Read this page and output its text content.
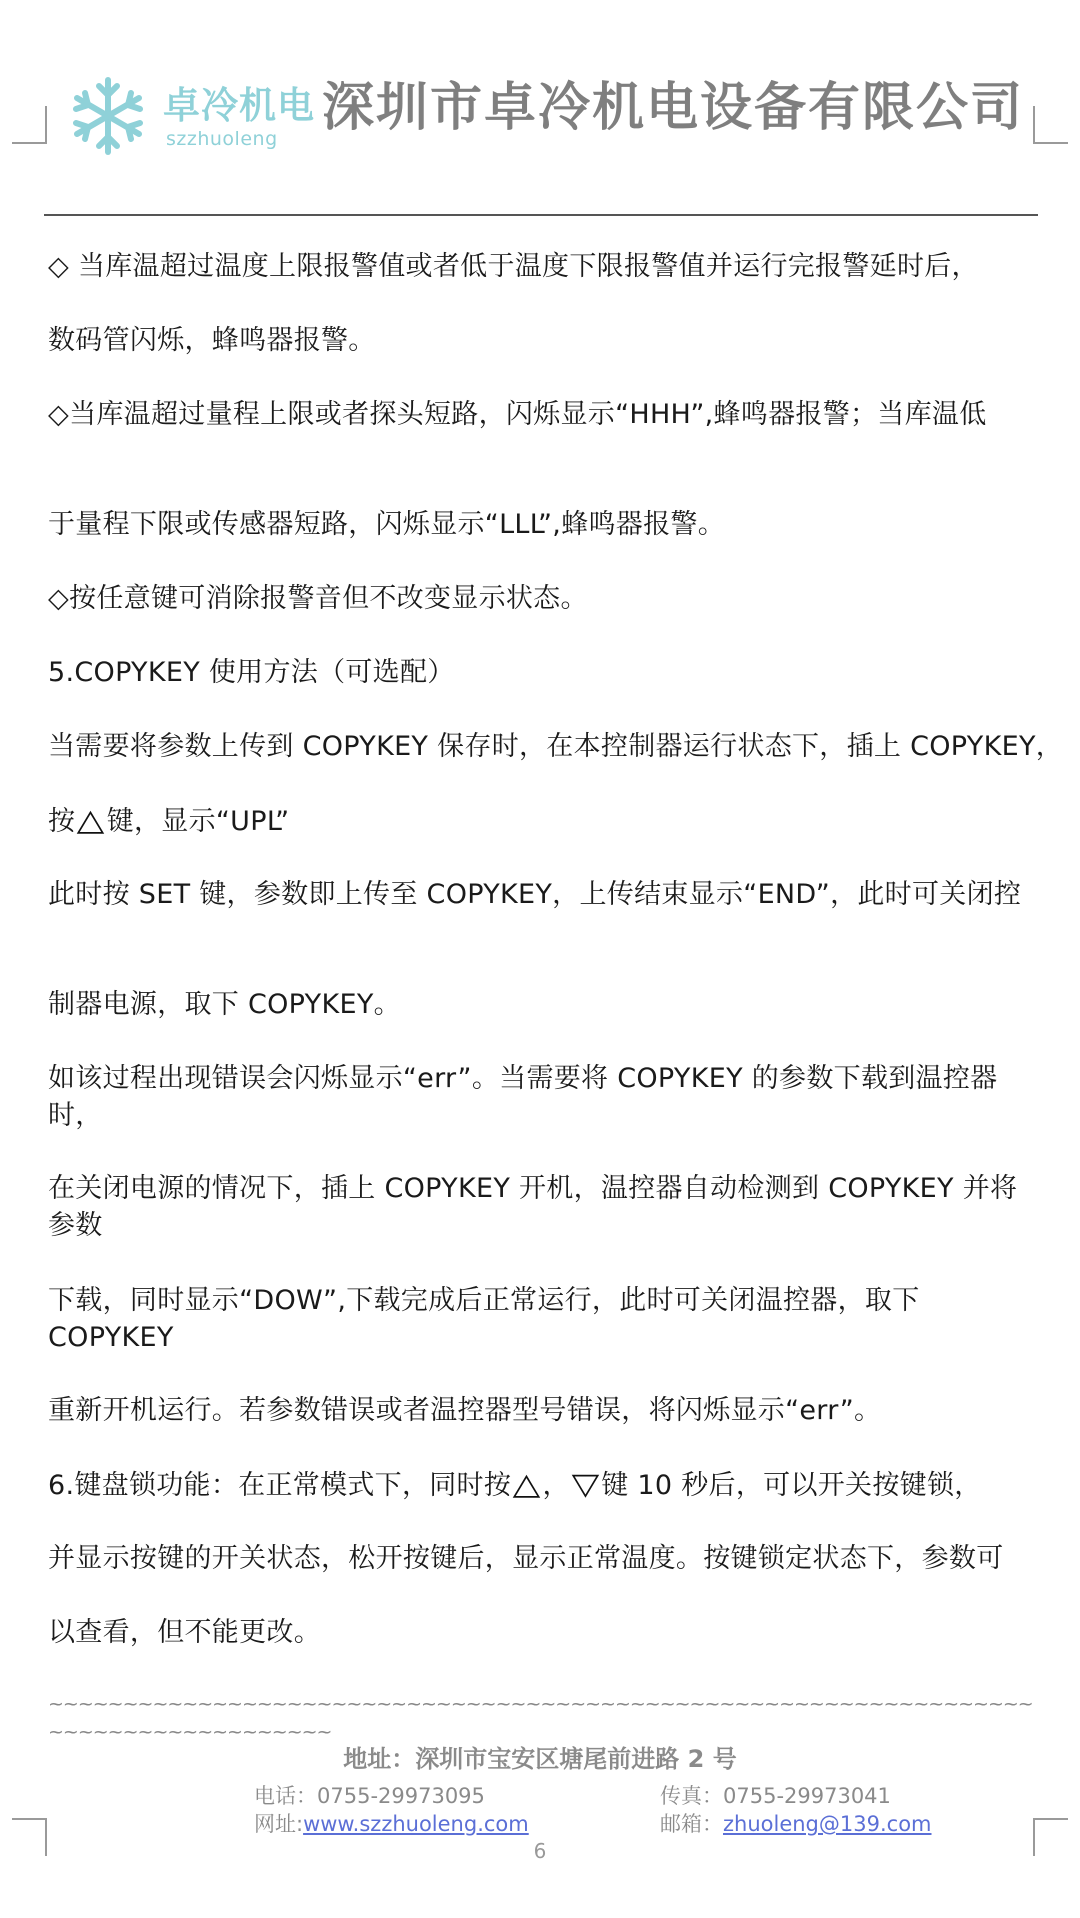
卓冷机电
szzhuoleng
深圳市卓冷机电设备有限公司

◇ 当库温超过温度上限报警值或者低于温度下限报警值并运行完报警延时后，

数码管闪烁，蜂鸣器报警。

◇当库温超过量程上限或者探头短路，闪烁显示“HHH”,蜂鸣器报警；当库温低

于量程下限或传感器短路，闪烁显示“LLL”,蜂鸣器报警。

◇按任意键可消除报警音但不改变显示状态。

5.COPYKEY 使用方法（可选配）

当需要将参数上传到 COPYKEY 保存时，在本控制器运行状态下，插上 COPYKEY，

按△键，显示“UPL”

此时按 SET 键，参数即上传至 COPYKEY，上传结束显示“END”，此时可关闭控

制器电源，取下 COPYKEY。

如该过程出现错误会闪烁显示“err”。当需要将 COPYKEY 的参数下载到温控器时，

在关闭电源的情况下，插上 COPYKEY 开机，温控器自动检测到 COPYKEY 并将参数

下载，同时显示“DOW”,下载完成后正常运行，此时可关闭温控器，取下 COPYKEY

重新开机运行。若参数错误或者温控器型号错误，将闪烁显示“err”。

6.键盘锁功能：在正常模式下，同时按△，▽键 10 秒后，可以开关按键锁，

并显示按键的开关状态，松开按键后，显示正常温度。按键锁定状态下，参数可

以查看，但不能更改。

~~~~~~~~~~~~~~~~~~~~~~~~~~~~~~~~~~~~~~~~~~~~~~~~~~~~~~~~~~~~~~~~~~~~~~~~~~~~~~~~~~~~~
地址：深圳市宝安区塘尾前进路 2 号
电话：0755-29973095	传真：0755-29973041
网址:www.szzhuoleng.com	邮箱：zhuoleng@139.com
6
